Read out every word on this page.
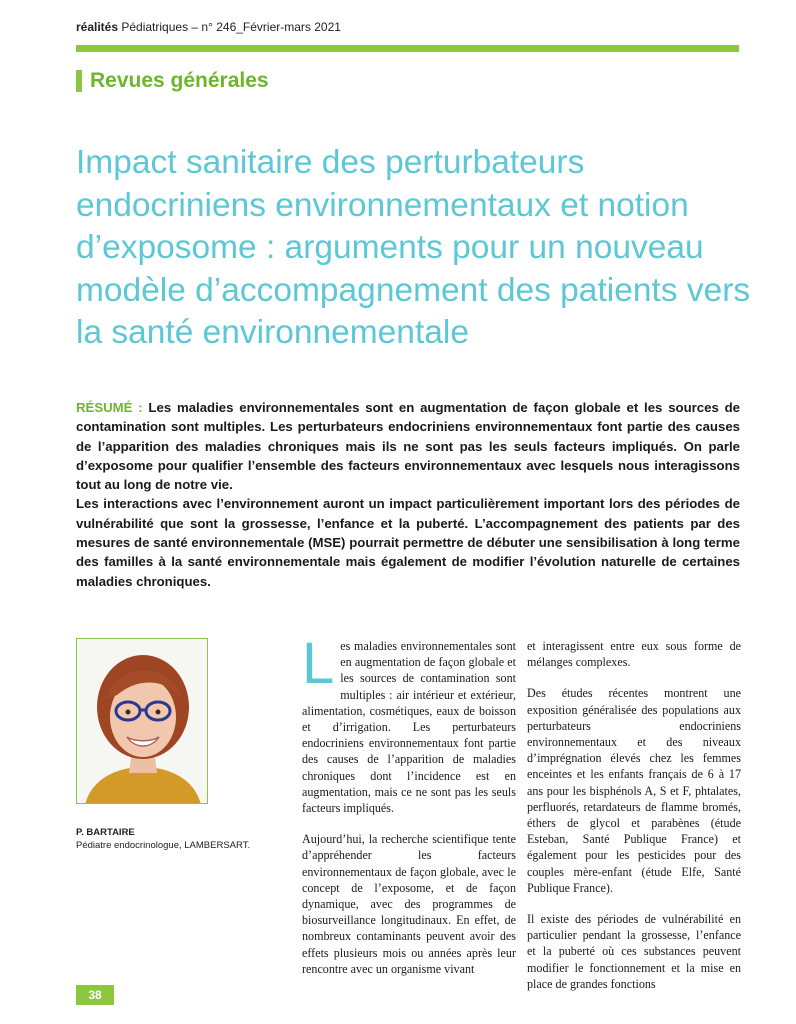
réalités Pédiatriques – n° 246_Février-mars 2021
Revues générales
Impact sanitaire des perturbateurs endocriniens environnementaux et notion d’exposome : arguments pour un nouveau modèle d’accompagnement des patients vers la santé environnementale

RÉSUMÉ : Les maladies environnementales sont en augmentation de façon globale et les sources de contamination sont multiples. Les perturbateurs endocriniens environnementaux font partie des causes de l’apparition des maladies chroniques mais ils ne sont pas les seuls facteurs impliqués. On parle d’exposome pour qualifier l’ensemble des facteurs environnementaux avec lesquels nous interagissons tout au long de notre vie.

Les interactions avec l’environnement auront un impact particulièrement important lors des périodes de vulnérabilité que sont la grossesse, l’enfance et la puberté. L’accompagnement des patients par des mesures de santé environnementale (MSE) pourrait permettre de débuter une sensibilisation à long terme des familles à la santé environnementale mais également de modifier l’évolution naturelle de certaines maladies chroniques.

P. BARTAIRE
Pédiatre endocrinologue, LAMBERSART.

Les maladies environnementales sont en augmentation de façon globale et les sources de contamination sont multiples : air intérieur et extérieur, alimentation, cosmétiques, eaux de boisson et d’irrigation. Les perturbateurs endocriniens environnementaux font partie des causes de l’apparition de maladies chroniques dont l’incidence est en augmentation, mais ce ne sont pas les seuls facteurs impliqués.

Aujourd’hui, la recherche scientifique tente d’appréhender les facteurs environnementaux de façon globale, avec le concept de l’exposome, et de façon dynamique, avec des programmes de biosurveillance longitudinaux. En effet, de nombreux contaminants peuvent avoir des effets plusieurs mois ou années après leur rencontre avec un organisme vivant

et interagissent entre eux sous forme de mélanges complexes.

Des études récentes montrent une exposition généralisée des populations aux perturbateurs endocriniens environnementaux et des niveaux d’imprégnation élevés chez les femmes enceintes et les enfants français de 6 à 17 ans pour les bisphénols A, S et F, phtalates, perfluorés, retardateurs de flamme bromés, éthers de glycol et parabènes (étude Esteban, Santé Publique France) et également pour les pesticides pour des couples mère-enfant (étude Elfe, Santé Publique France).

Il existe des périodes de vulnérabilité en particulier pendant la grossesse, l’enfance et la puberté où ces substances peuvent modifier le fonctionnement et la mise en place de grandes fonctions

38
